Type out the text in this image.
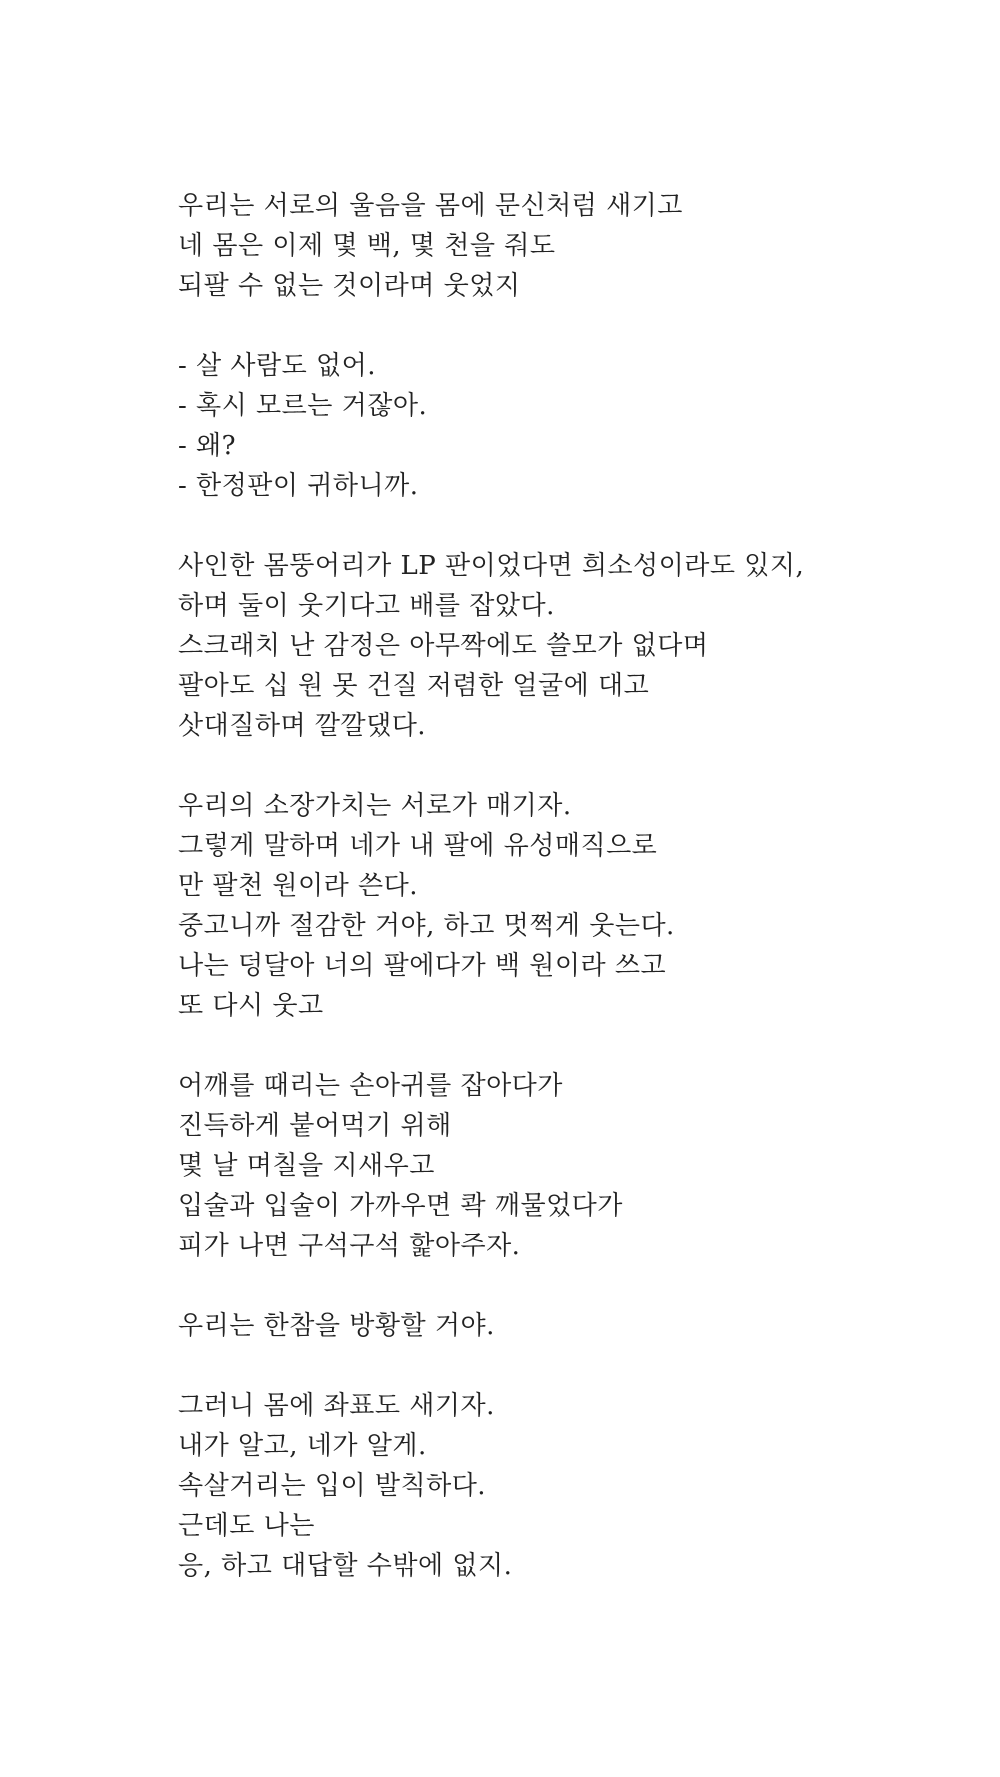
우리는 서로의 울음을 몸에 문신처럼 새기고
네 몸은 이제 몇 백, 몇 천을 줘도
되팔 수 없는 것이라며 웃었지
- 살 사람도 없어.
- 혹시 모르는 거잖아.
- 왜?
- 한정판이 귀하니까.
사인한 몸뚱어리가 LP 판이었다면 희소성이라도 있지,
하며 둘이 웃기다고 배를 잡았다.
스크래치 난 감정은 아무짝에도 쓸모가 없다며
팔아도 십 원 못 건질 저렴한 얼굴에 대고
삿대질하며 깔깔댔다.
우리의 소장가치는 서로가 매기자.
그렇게 말하며 네가 내 팔에 유성매직으로
만 팔천 원이라 쓴다.
중고니까 절감한 거야, 하고 멋쩍게 웃는다.
나는 덩달아 너의 팔에다가 백 원이라 쓰고
또 다시 웃고
어깨를 때리는 손아귀를 잡아다가
진득하게 붙어먹기 위해
몇 날 며칠을 지새우고
입술과 입술이 가까우면 콱 깨물었다가
피가 나면 구석구석 핥아주자.
우리는 한참을 방황할 거야.
그러니 몸에 좌표도 새기자.
내가 알고, 네가 알게.
속살거리는 입이 발칙하다.
근데도 나는
응, 하고 대답할 수밖에 없지.
